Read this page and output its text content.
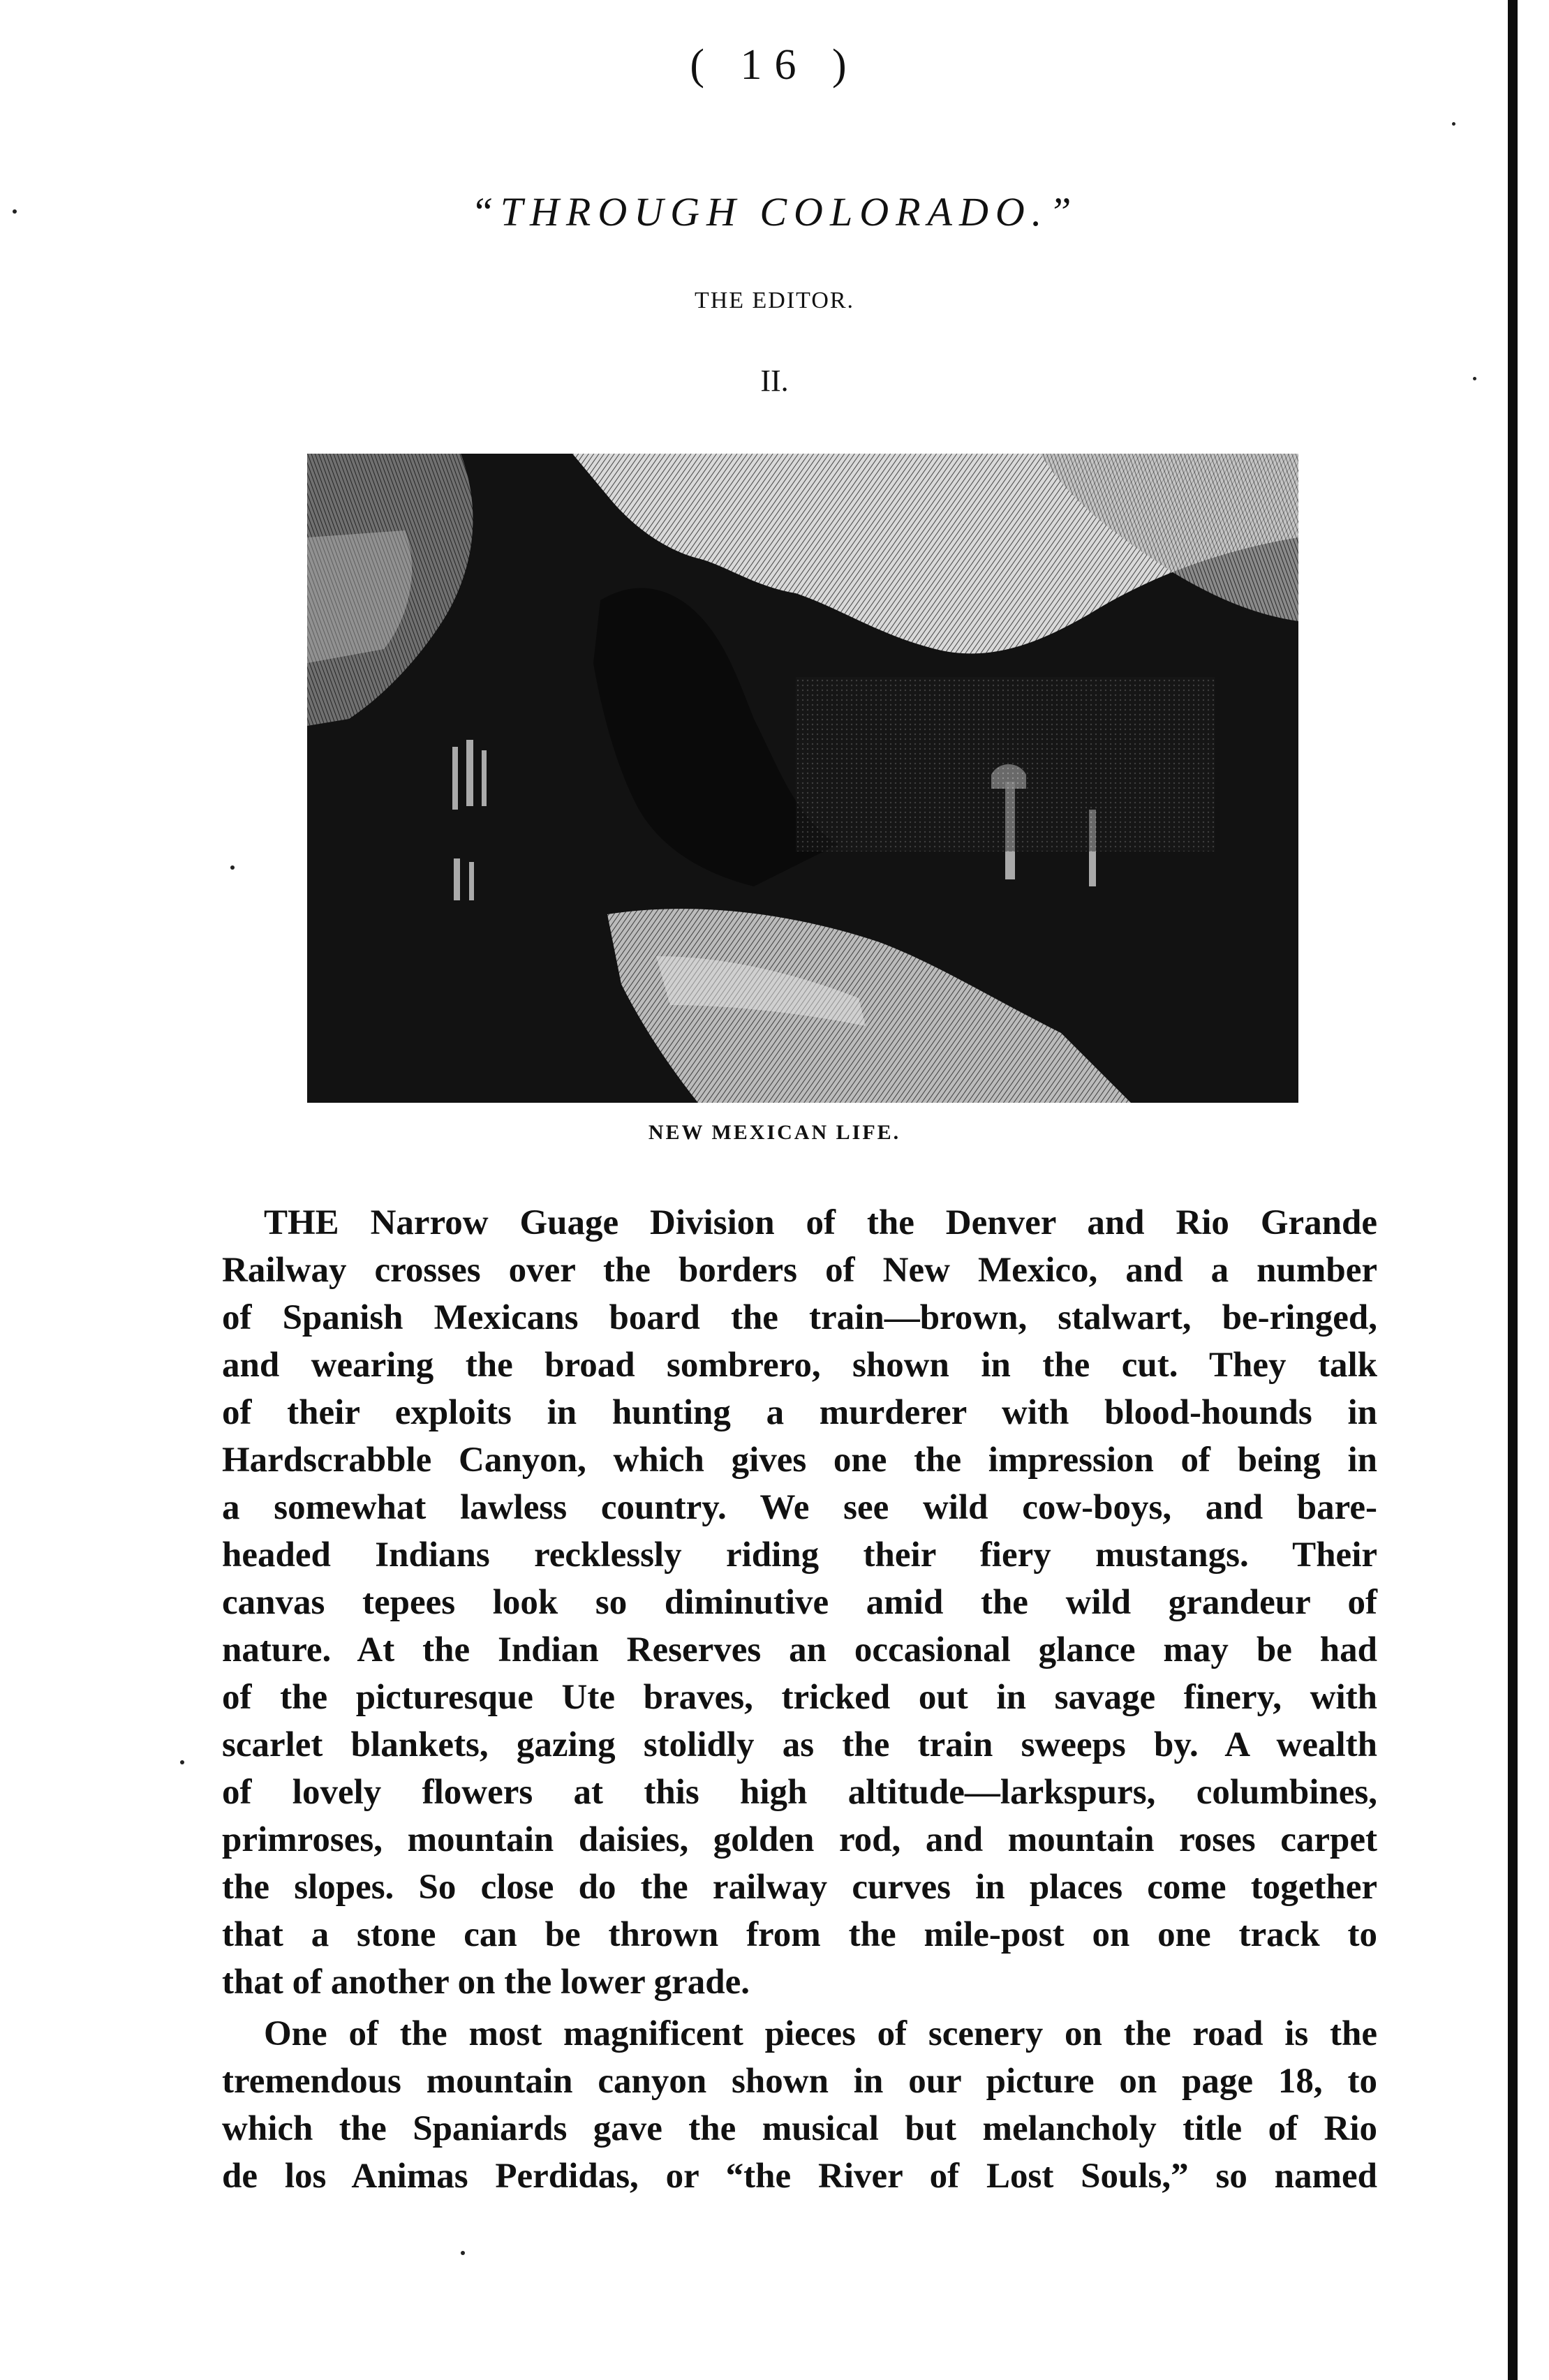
( 16 )
“THROUGH COLORADO.”
THE EDITOR.
II.
NEW MEXICAN LIFE.
THE Narrow Guage Division of the Denver and Rio Grande
Railway crosses over the borders of New Mexico, and a number
of Spanish Mexicans board the train—brown, stalwart, be-ringed,
and wearing the broad sombrero, shown in the cut. They talk
of their exploits in hunting a murderer with blood-hounds in
Hardscrabble Canyon, which gives one the impression of being in
a somewhat lawless country. We see wild cow-boys, and bare-
headed Indians recklessly riding their fiery mustangs. Their
canvas tepees look so diminutive amid the wild grandeur of
nature. At the Indian Reserves an occasional glance may be had
of the picturesque Ute braves, tricked out in savage finery, with
scarlet blankets, gazing stolidly as the train sweeps by. A wealth
of lovely flowers at this high altitude—larkspurs, columbines,
primroses, mountain daisies, golden rod, and mountain roses carpet
the slopes. So close do the railway curves in places come together
that a stone can be thrown from the mile-post on one track to
that of another on the lower grade.
One of the most magnificent pieces of scenery on the road is the
tremendous mountain canyon shown in our picture on page 18, to
which the Spaniards gave the musical but melancholy title of Rio
de los Animas Perdidas, or “the River of Lost Souls,” so named
